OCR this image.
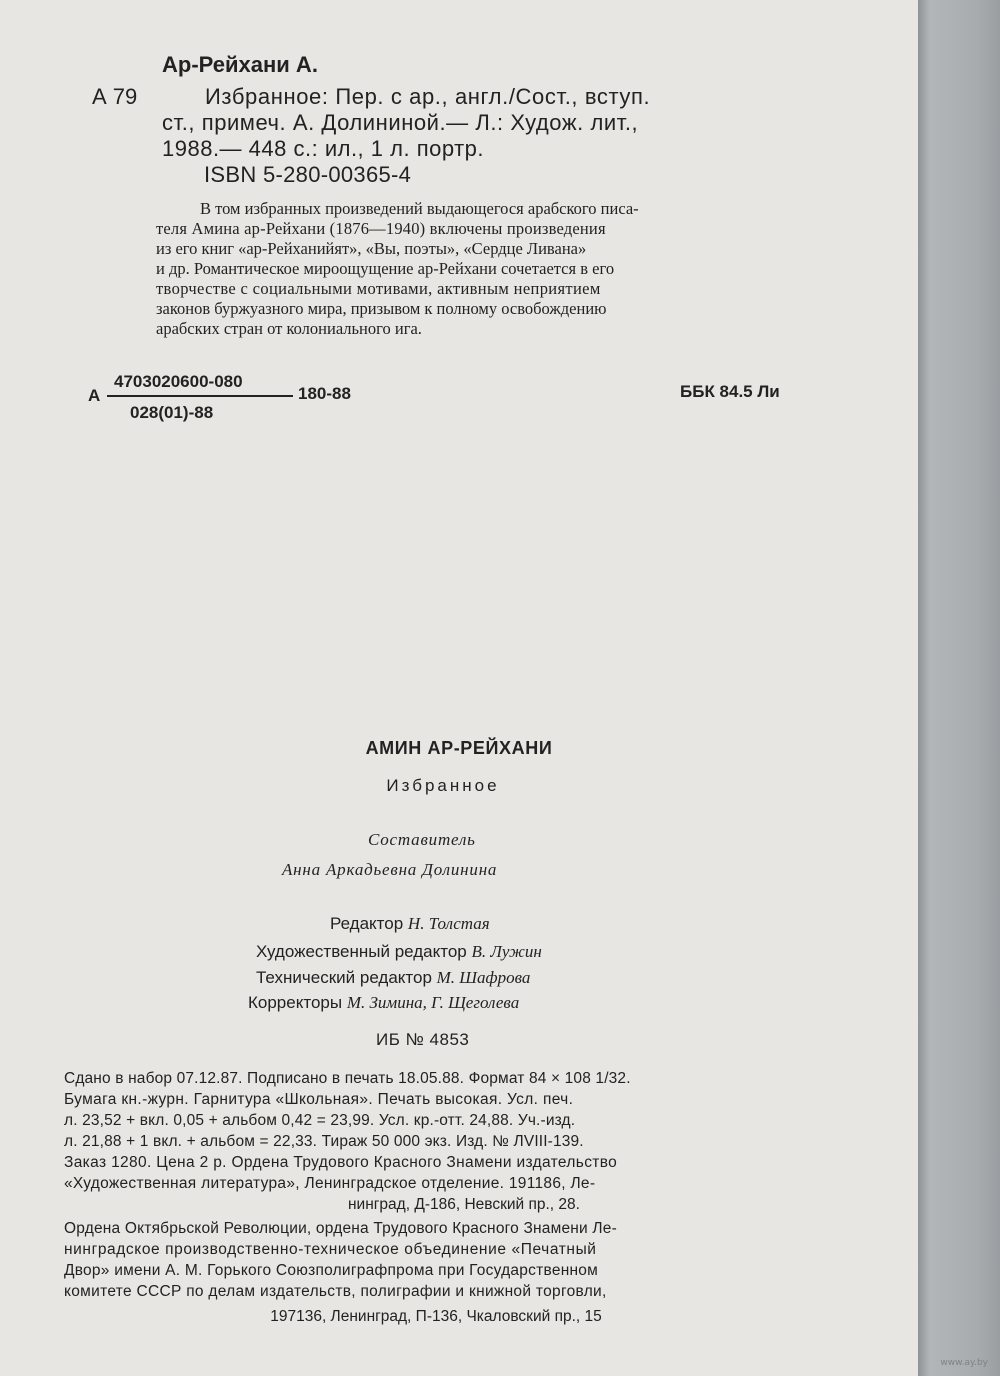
Ар-Рейхани А.
А 79	Избранное: Пер. с ар., англ./Сост., вступ.
ст., примеч. А. Долининой.— Л.: Худож. лит.,
1988.— 448 с.: ил., 1 л. портр.
ISBN 5-280-00365-4
В том избранных произведений выдающегося арабского писа-
теля Амина ар-Рейхани (1876—1940) включены произведения
из его книг «ар-Рейханийят», «Вы, поэты», «Сердце Ливана»
и др. Романтическое мироощущение ар-Рейхани сочетается в его
творчестве с социальными мотивами, активным неприятием
законов буржуазного мира, призывом к полному освобождению
арабских стран от колониального ига.
А
4703020600-080
028(01)-88
180-88	ББК 84.5 Ли
АМИН АР-РЕЙХАНИ
Избранное
Составитель
Анна Аркадьевна Долинина
Редактор Н. Толстая
Художественный редактор В. Лужин
Технический редактор М. Шафрова
Корректоры М. Зимина, Г. Щеголева
ИБ № 4853
Сдано в набор 07.12.87. Подписано в печать 18.05.88. Формат 84 × 108 1/32.
Бумага кн.-журн. Гарнитура «Школьная». Печать высокая. Усл. печ.
л. 23,52 + вкл. 0,05 + альбом 0,42 = 23,99. Усл. кр.-отт. 24,88. Уч.-изд.
л. 21,88 + 1 вкл. + альбом = 22,33. Тираж 50 000 экз. Изд. № ЛVIII-139.
Заказ 1280. Цена 2 р. Ордена Трудового Красного Знамени издательство
«Художественная литература», Ленинградское отделение. 191186, Ле-
нинград, Д-186, Невский пр., 28.
Ордена Октябрьской Революции, ордена Трудового Красного Знамени Ле-
нинградское производственно-техническое объединение «Печатный
Двор» имени А. М. Горького Союзполиграфпрома при Государственном
комитете СССР по делам издательств, полиграфии и книжной торговли,
197136, Ленинград, П-136, Чкаловский пр., 15
www.ay.by
